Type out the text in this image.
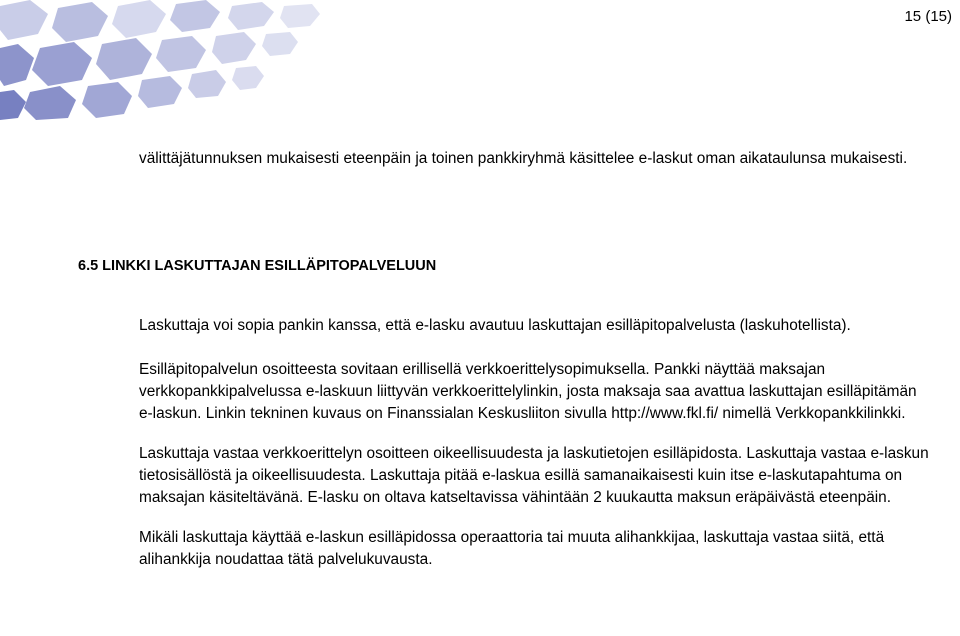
15 (15)

välittäjätunnuksen mukaisesti eteenpäin ja toinen pankkiryhmä käsittelee e-laskut oman aikataulunsa mukaisesti.

6.5 LINKKI LASKUTTAJAN ESILLÄPITOPALVELUUN

Laskuttaja voi sopia pankin kanssa, että e-lasku avautuu laskuttajan esilläpitopalvelusta (laskuhotellista).

Esilläpitopalvelun osoitteesta sovitaan erillisellä verkkoerittelysopimuksella. Pankki näyttää maksajan verkkopankkipalvelussa e-laskuun liittyvän verkkoerittelylinkin, josta maksaja saa avattua laskuttajan esilläpitämän e-laskun. Linkin tekninen kuvaus on Finanssialan Keskusliiton sivulla http://www.fkl.fi/ nimellä Verkkopankkilinkki.

Laskuttaja vastaa verkkoerittelyn osoitteen oikeellisuudesta ja laskutietojen esilläpidosta. Laskuttaja vastaa e-laskun tietosisällöstä ja oikeellisuudesta. Laskuttaja pitää e-laskua esillä samanaikaisesti kuin itse e-laskutapahtuma on maksajan käsiteltävänä. E-lasku on oltava katseltavissa vähintään 2 kuukautta maksun eräpäivästä eteenpäin.

Mikäli laskuttaja käyttää e-laskun esilläpidossa operaattoria tai muuta alihankkijaa, laskuttaja vastaa siitä, että alihankkija noudattaa tätä palvelukuvausta.
